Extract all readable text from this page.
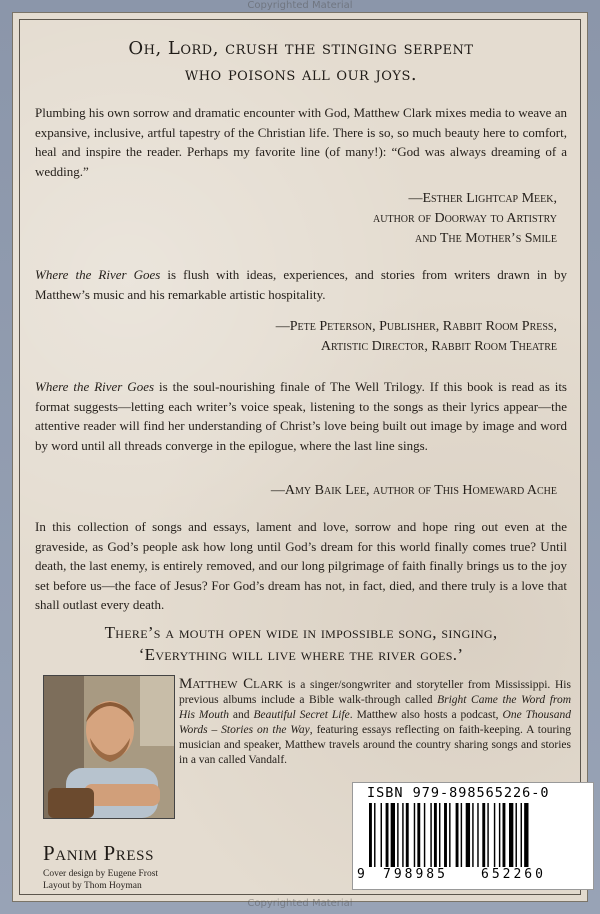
Copyrighted Material
Oh, Lord, crush the stinging serpent
who poisons all our joys.
Plumbing his own sorrow and dramatic encounter with God, Matthew Clark mixes media to weave an expansive, inclusive, artful tapestry of the Christian life. There is so, so much beauty here to comfort, heal and inspire the reader. Perhaps my favorite line (of many!): “God was always dreaming of a wedding.”
—Esther Lightcap Meek,
author of Doorway to Artistry
and The Mother’s Smile
Where the River Goes is flush with ideas, experiences, and stories from writers drawn in by Matthew’s music and his remarkable artistic hospitality.
—Pete Peterson, Publisher, Rabbit Room Press,
Artistic Director, Rabbit Room Theatre
Where the River Goes is the soul-nourishing finale of The Well Trilogy. If this book is read as its format suggests—letting each writer’s voice speak, listening to the songs as their lyrics appear—the attentive reader will find her understanding of Christ’s love being built out image by image and word by word until all threads converge in the epilogue, where the last line sings.
—Amy Baik Lee, author of This Homeward Ache
In this collection of songs and essays, lament and love, sorrow and hope ring out even at the graveside, as God’s people ask how long until God’s dream for this world finally comes true? Until death, the last enemy, is entirely removed, and our long pilgrimage of faith finally brings us to the joy set before us—the face of Jesus? For God’s dream has not, in fact, died, and there truly is a love that shall outlast every death.
There’s a mouth open wide in impossible song, singing,
‘Everything will live where the river goes.’
Matthew Clark is a singer/songwriter and storyteller from Mississippi. His previous albums include a Bible walk-through called Bright Came the Word from His Mouth and Beautiful Secret Life. Matthew also hosts a podcast, One Thousand Words – Stories on the Way, featuring essays reflecting on faith-keeping. A touring musician and speaker, Matthew travels around the country sharing songs and stories in a van called Vandalf.
Panim Press
Cover design by Eugene Frost
Layout by Thom Hoyman
ISBN 979-898565226-0
9 798985	652260
Copyrighted Material
